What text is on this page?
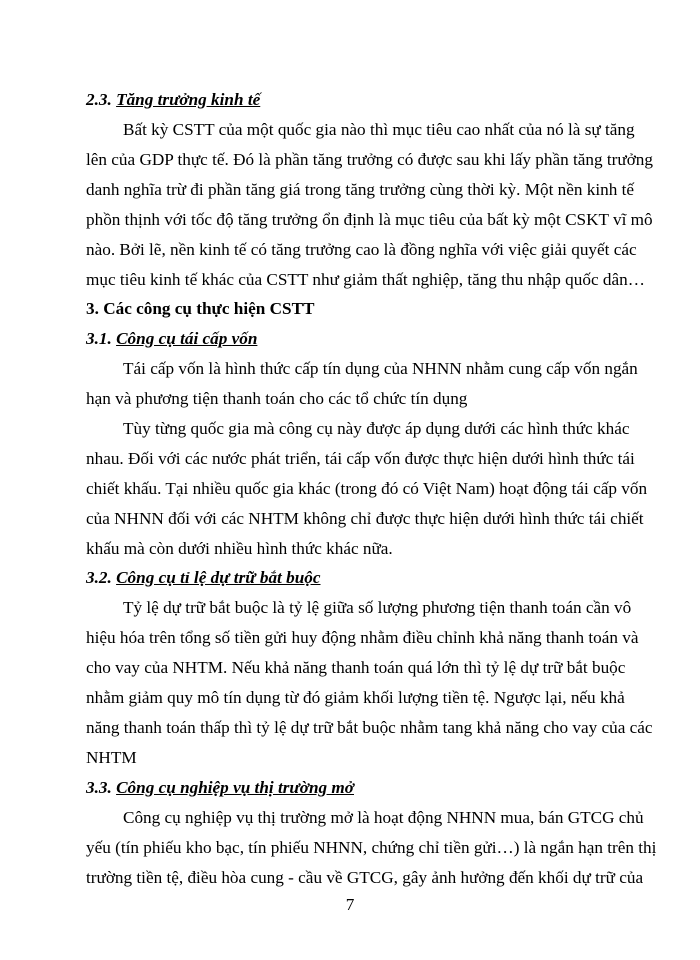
2.3. Tăng trưởng kinh tế
Bất kỳ CSTT của một quốc gia nào thì mục tiêu cao nhất của nó là sự tăng
lên của GDP thực tế. Đó là phần tăng trưởng có được sau khi lấy phần tăng trưởng
danh nghĩa trừ đi phần tăng giá trong tăng trưởng cùng thời kỳ. Một nền kinh tế
phồn thịnh với tốc độ tăng trưởng ổn định là mục tiêu của bất kỳ một CSKT vĩ mô
nào. Bởi lẽ, nền kinh tế có tăng trưởng cao là đồng nghĩa với việc giải quyết các
mục tiêu kinh tế khác của CSTT như giảm thất nghiệp, tăng thu nhập quốc dân…
3. Các công cụ thực hiện CSTT
3.1. Công cụ tái cấp vốn
Tái cấp vốn là hình thức cấp tín dụng của NHNN nhằm cung cấp vốn ngắn
hạn và phương tiện thanh toán cho các tổ chức tín dụng
Tùy từng quốc gia mà công cụ này được áp dụng dưới các hình thức khác
nhau. Đối với các nước phát triển, tái cấp vốn được thực hiện dưới hình thức tái
chiết khấu. Tại nhiều quốc gia khác (trong đó có Việt Nam) hoạt động tái cấp vốn
của NHNN đối với các NHTM không chỉ được thực hiện dưới hình thức tái chiết
khấu mà còn dưới nhiều hình thức khác nữa.
3.2. Công cụ tỉ lệ dự trữ bắt buộc
Tỷ lệ dự trữ bắt buộc là tỷ lệ giữa số lượng phương tiện thanh toán cần vô
hiệu hóa trên tổng số tiền gửi huy động nhằm điều chỉnh khả năng thanh toán và
cho vay của NHTM. Nếu khả năng thanh toán quá lớn thì tỷ lệ dự trữ bắt buộc
nhằm giảm quy mô tín dụng từ đó giảm khối lượng tiền tệ. Ngược lại, nếu khả
năng thanh toán thấp thì tỷ lệ dự trữ bắt buộc nhằm tang khả năng cho vay của các
NHTM
3.3. Công cụ nghiệp vụ thị trường mở
Công cụ nghiệp vụ thị trường mở là hoạt động NHNN mua, bán GTCG chủ
yếu (tín phiếu kho bạc, tín phiếu NHNN, chứng chỉ tiền gửi…) là ngắn hạn trên thị
trường tiền tệ, điều hòa cung - cầu về GTCG, gây ảnh hưởng đến khối dự trữ của
7
